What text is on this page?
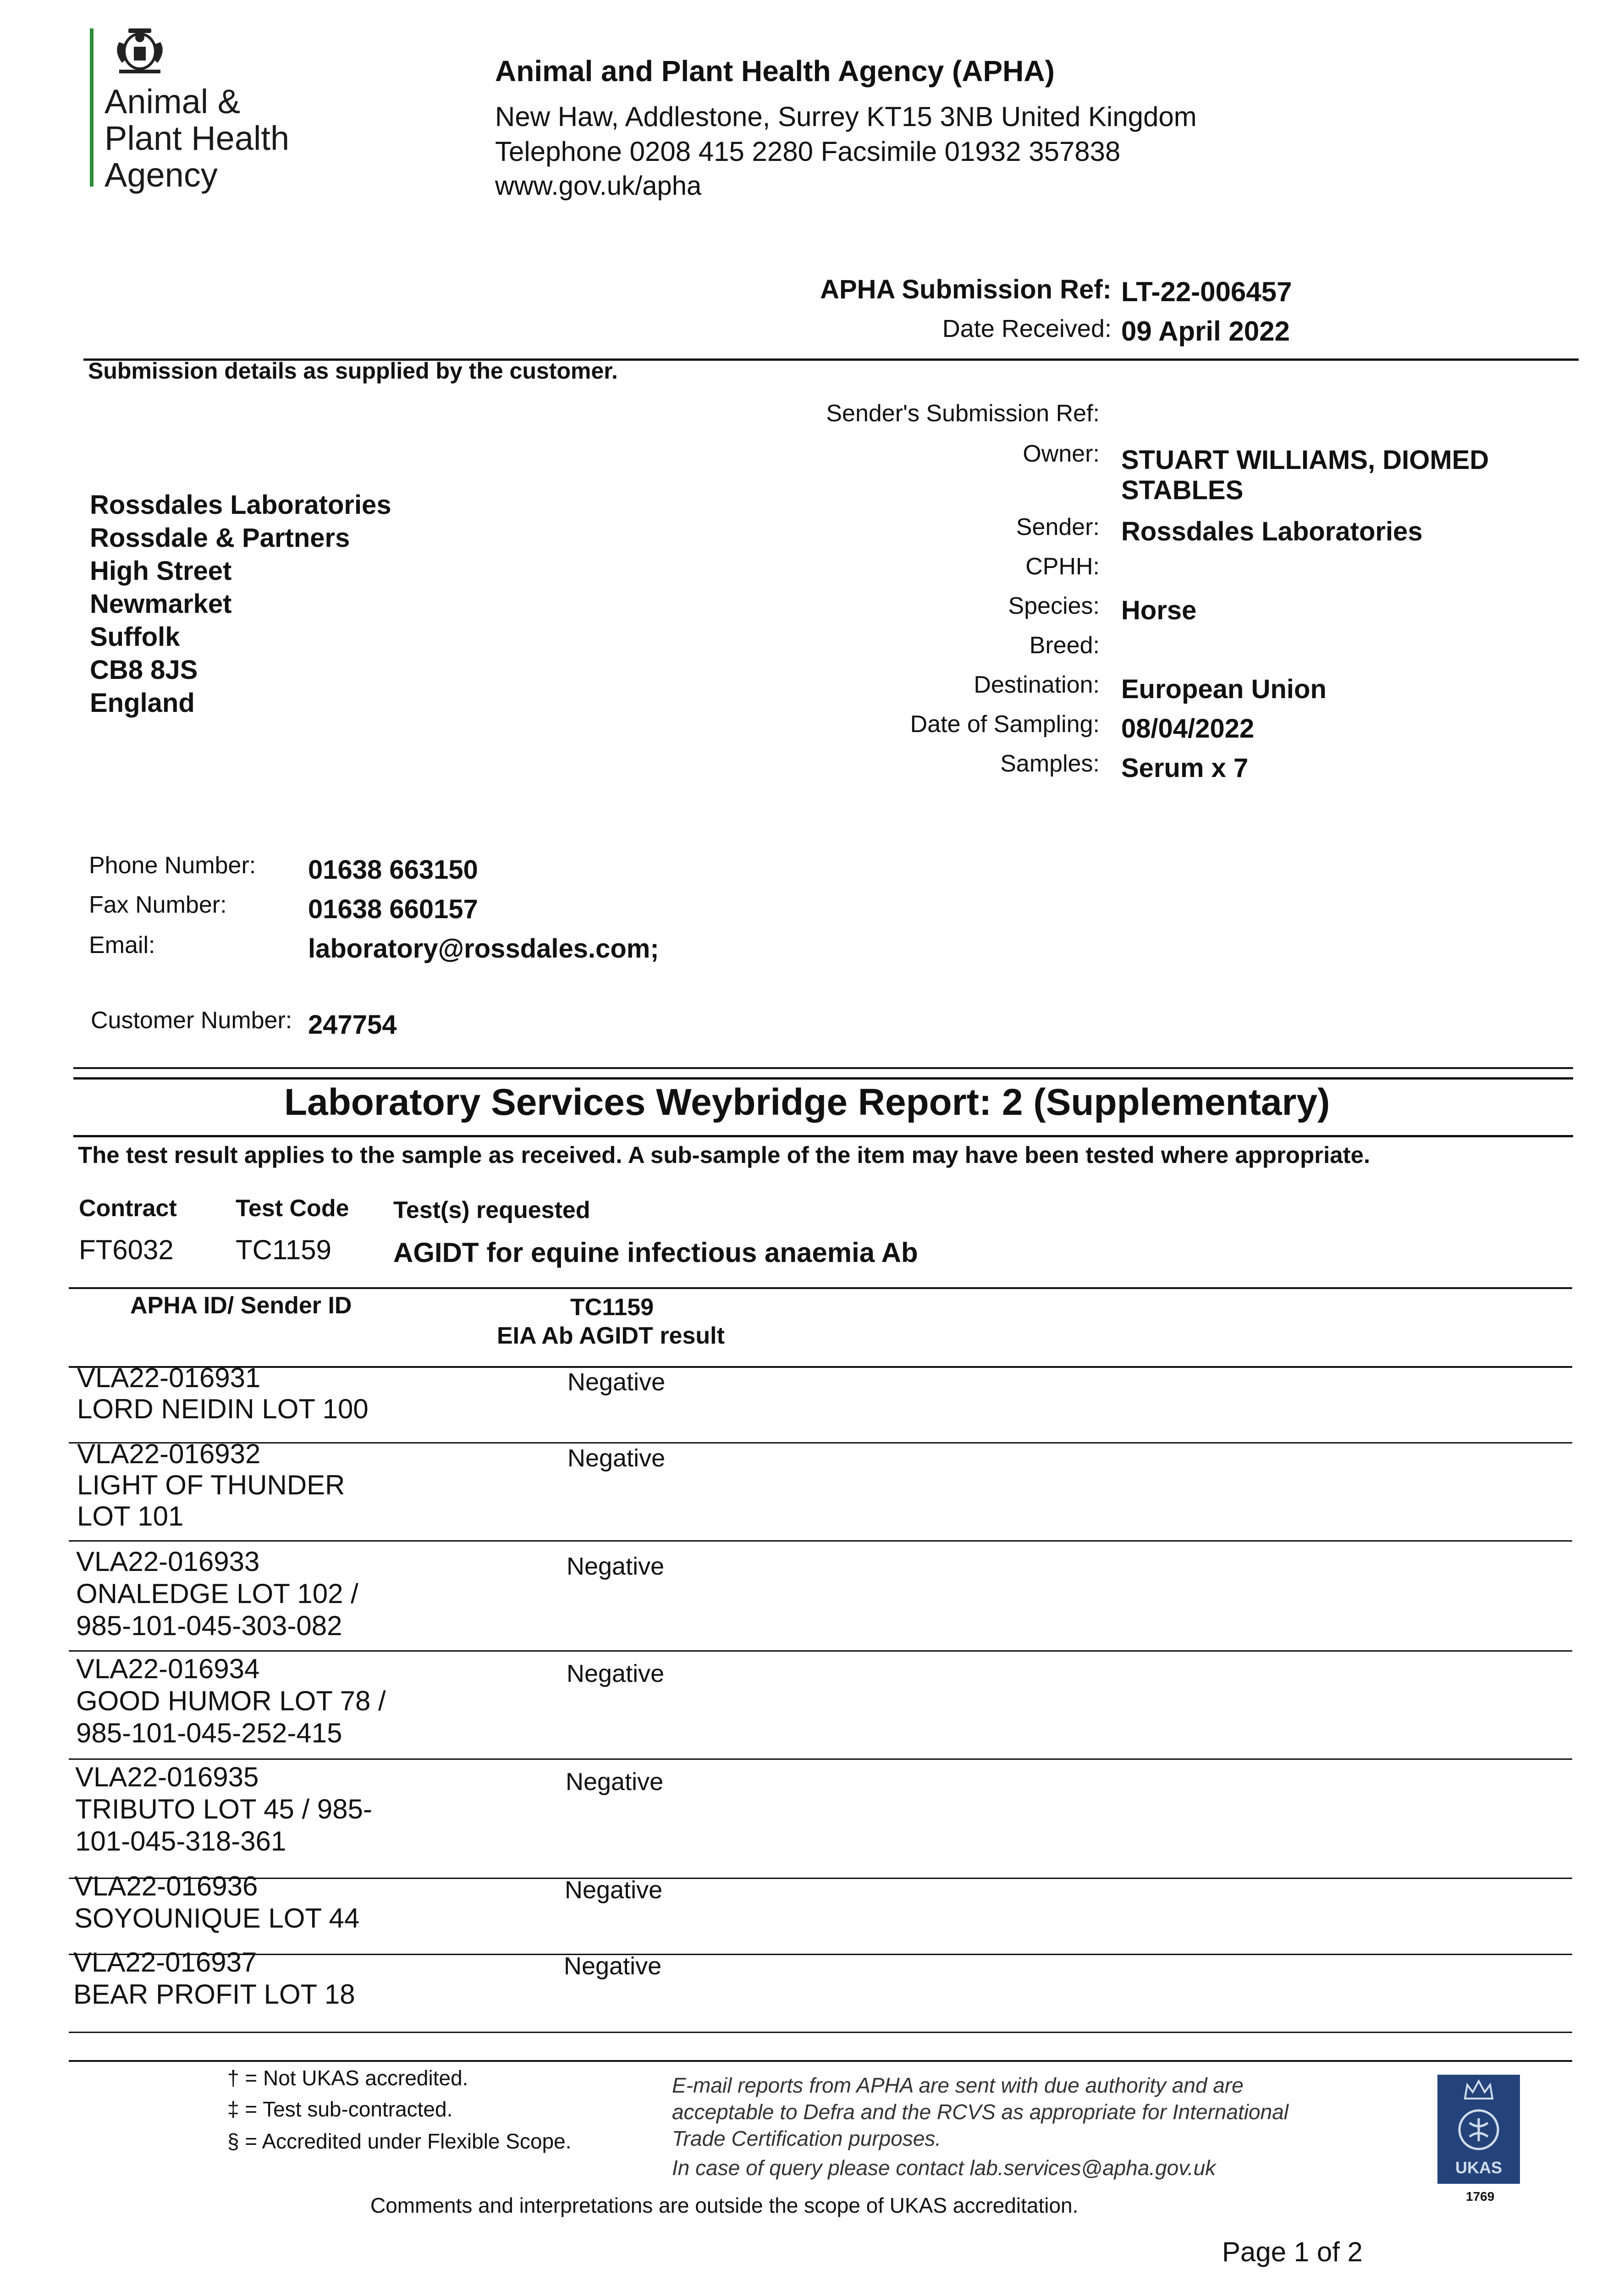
Animal &
Plant Health
Agency
Animal and Plant Health Agency (APHA)
New Haw, Addlestone, Surrey KT15 3NB United Kingdom
Telephone 0208 415 2280 Facsimile 01932 357838
www.gov.uk/apha
APHA Submission Ref: LT-22-006457
Date Received: 09 April 2022
Submission details as supplied by the customer.
Rossdales Laboratories
Rossdale & Partners
High Street
Newmarket
Suffolk
CB8 8JS
England
Sender's Submission Ref:
Owner: STUART WILLIAMS, DIOMED
STABLES
Sender: Rossdales Laboratories
CPHH:
Species: Horse
Breed:
Destination: European Union
Date of Sampling: 08/04/2022
Samples: Serum x 7
Phone Number: 01638 663150
Fax Number:	01638 660157
Email:	laboratory@rossdales.com;
Customer Number: 247754
Laboratory Services Weybridge Report: 2 (Supplementary)
The test result applies to the sample as received. A sub-sample of the item may have been tested where appropriate.
Contract Test Code Test(s) requested
FT6032 TC1159 AGIDT for equine infectious anaemia Ab
APHA ID/ Sender ID	TC1159
EIA Ab AGIDT result
VLA22-016931
LORD NEIDIN LOT 100
Negative
VLA22-016932
LIGHT OF THUNDER
LOT 101
Negative
VLA22-016933
ONALEDGE LOT 102 /
985-101-045-303-082
Negative
VLA22-016934
GOOD HUMOR LOT 78 /
985-101-045-252-415
Negative
VLA22-016935
TRIBUTO LOT 45 / 985-
101-045-318-361
Negative
VLA22-016936
SOYOUNIQUE LOT 44
Negative
VLA22-016937
BEAR PROFIT LOT 18
Negative
† = Not UKAS accredited.
‡ = Test sub-contracted.
§ = Accredited under Flexible Scope.
E-mail reports from APHA are sent with due authority and are
acceptable to Defra and the RCVS as appropriate for International
Trade Certification purposes.
In case of query please contact lab.services@apha.gov.uk	UKAS
1769
Comments and interpretations are outside the scope of UKAS accreditation.
Page 1 of 2
